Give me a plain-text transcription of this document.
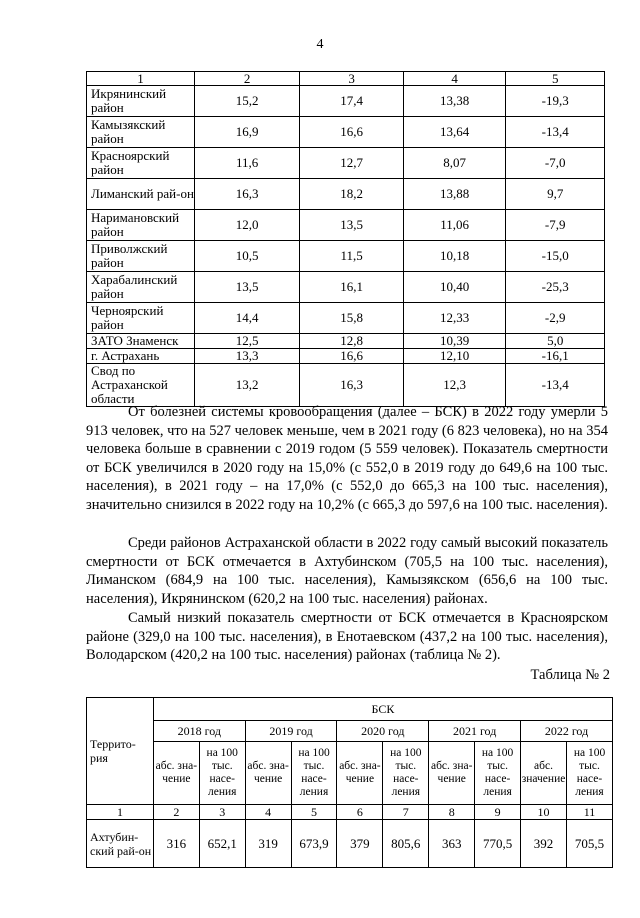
4
1	2	3	4	5
Икрянинский район	15,2	17,4	13,38	-19,3
Камызякский район	16,9	16,6	13,64	-13,4
Красноярский район	11,6	12,7	8,07	-7,0
Лиманский рай-он	16,3	18,2	13,88	9,7
Наримановский район	12,0	13,5	11,06	-7,9
Приволжский район	10,5	11,5	10,18	-15,0
Харабалинский район	13,5	16,1	10,40	-25,3
Черноярский район	14,4	15,8	12,33	-2,9
ЗАТО Знаменск	12,5	12,8	10,39	5,0
г. Астрахань	13,3	16,6	12,10	-16,1
Свод по Астраханской области	13,2	16,3	12,3	-13,4

От болезней системы кровообращения (далее – БСК) в 2022 году умерли 5 913 человек, что на 527 человек меньше, чем в 2021 году (6 823 человека), но на 354 человека больше в сравнении с 2019 годом (5 559 человек). Показатель смертности от БСК увеличился в 2020 году на 15,0% (с 552,0 в 2019 году до 649,6 на 100 тыс. населения), в 2021 году – на 17,0% (с 552,0 до 665,3 на 100 тыс. населения), значительно снизился в 2022 году на 10,2% (с 665,3 до 597,6 на 100 тыс. населения).

Среди районов Астраханской области в 2022 году самый высокий показатель смертности от БСК отмечается в Ахтубинском (705,5 на 100 тыс. населения), Лиманском (684,9 на 100 тыс. населения), Камызякском (656,6 на 100 тыс. населения), Икрянинском (620,2 на 100 тыс. населения) районах.

Самый низкий показатель смертности от БСК отмечается в Красноярском районе (329,0 на 100 тыс. населения), в Енотаевском (437,2 на 100 тыс. населения), Володарском (420,2 на 100 тыс. населения) районах (таблица № 2).

Таблица № 2
Террито-рия	БСК									
	2018 год		2019 год		2020 год		2021 год		2022 год	
	абс. зна-чение	на 100 тыс. насе-ления	абс. зна-чение	на 100 тыс. насе-ления	абс. зна-чение	на 100 тыс. насе-ления	абс. зна-чение	на 100 тыс. насе-ления	абс. значение	на 100 тыс. насе-ления
1	2	3	4	5	6	7	8	9	10	11
Ахтубин-ский рай-он	316	652,1	319	673,9	379	805,6	363	770,5	392	705,5
